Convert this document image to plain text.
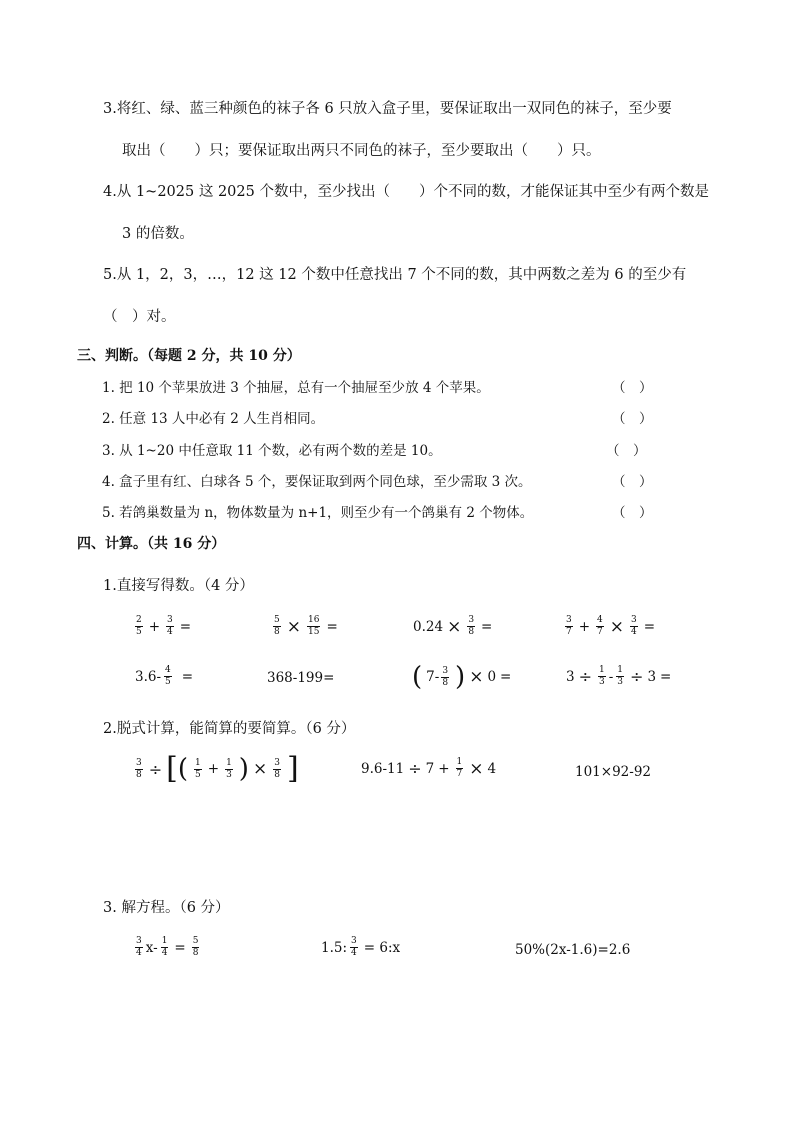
3.将红、绿、蓝三种颜色的袜子各 6 只放入盒子里，要保证取出一双同色的袜子，至少要
取出（　　）只；要保证取出两只不同色的袜子，至少要取出（　　）只。
4.从 1~2025 这 2025 个数中，至少找出（　　）个不同的数，才能保证其中至少有两个数是
3 的倍数。
5.从 1，2，3，…，12 这 12 个数中任意找出 7 个不同的数，其中两数之差为 6 的至少有
（　）对。
三、判断。（每题 2 分，共 10 分）
1. 把 10 个苹果放进 3 个抽屉，总有一个抽屉至少放 4 个苹果。	（　）
2. 任意 13 人中必有 2 人生肖相同。	（　）
3. 从 1~20 中任意取 11 个数，必有两个数的差是 10。	（　）
4. 盒子里有红、白球各 5 个，要保证取到两个同色球，至少需取 3 次。	（　）
5. 若鸽巢数量为 n，物体数量为 n+1，则至少有一个鸽巢有 2 个物体。	（　）
四、计算。（共 16 分）
1.直接写得数。（4 分）
$\frac{2}{5} + \frac{3}{4}$ =	$\frac{5}{8} \times \frac{16}{15}$ =	$0.24 \times \frac{3}{8}$ =	$\frac{3}{7} + \frac{4}{7} \times \frac{3}{4}$ =
$3.6- \frac{4}{5}$ =	368-199=	( $7- \frac{3}{8}$ ) × 0 =	$3 \div \frac{1}{3} - \frac{1}{3} \div 3$ =
2.脱式计算，能简算的要简算。（6 分）
$\frac{3}{8}$ ÷ [ ( $\frac{1}{5} + \frac{1}{3}$ ) × $\frac{3}{8}$ ]	$9.6-11 \div 7 + \frac{1}{7} \times 4$	101×92-92
3. 解方程。（6 分）
$\frac{3}{4} x- \frac{1}{4} = \frac{5}{8}$	1.5: $\frac{3}{4}$ = 6:x	50%(2x-1.6)=2.6
